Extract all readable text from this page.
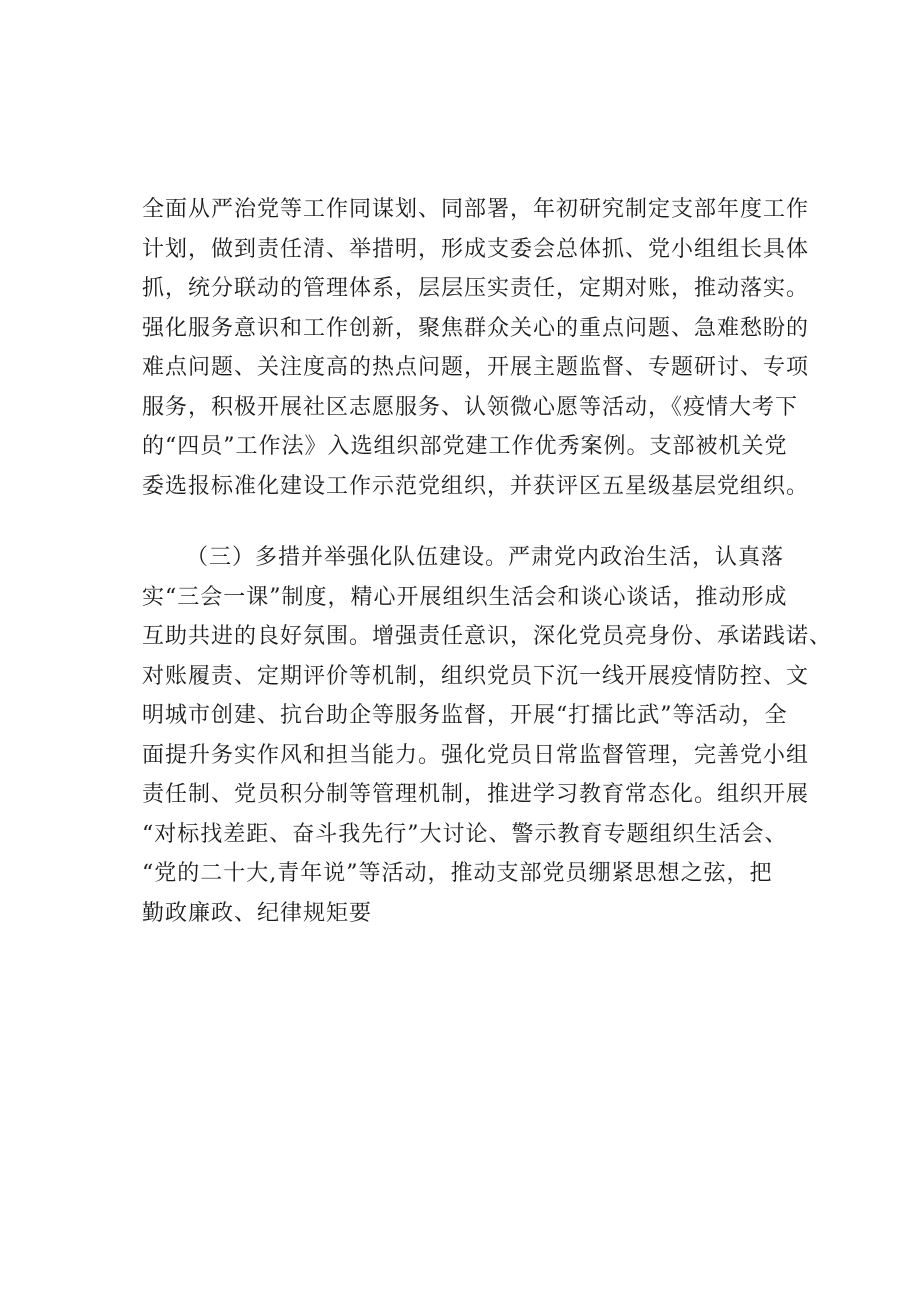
全面从严治党等工作同谋划、同部署，年初研究制定支部年度工作
计划，做到责任清、举措明，形成支委会总体抓、党小组组长具体
抓，统分联动的管理体系，层层压实责任，定期对账，推动落实。
强化服务意识和工作创新，聚焦群众关心的重点问题、急难愁盼的
难点问题、关注度高的热点问题，开展主题监督、专题研讨、专项
服务，积极开展社区志愿服务、认领微心愿等活动，《疫情大考下
的“四员”工作法》入选组织部党建工作优秀案例。支部被机关党
委选报标准化建设工作示范党组织，并获评区五星级基层党组织。
（三）多措并举强化队伍建设。严肃党内政治生活，认真落
实“三会一课”制度，精心开展组织生活会和谈心谈话，推动形成
互助共进的良好氛围。增强责任意识，深化党员亮身份、承诺践诺、
对账履责、定期评价等机制，组织党员下沉一线开展疫情防控、文
明城市创建、抗台助企等服务监督，开展“打擂比武”等活动，全
面提升务实作风和担当能力。强化党员日常监督管理，完善党小组
责任制、党员积分制等管理机制，推进学习教育常态化。组织开展
“对标找差距、奋斗我先行”大讨论、警示教育专题组织生活会、
“党的二十大,青年说”等活动，推动支部党员绷紧思想之弦，把
勤政廉政、纪律规矩要
